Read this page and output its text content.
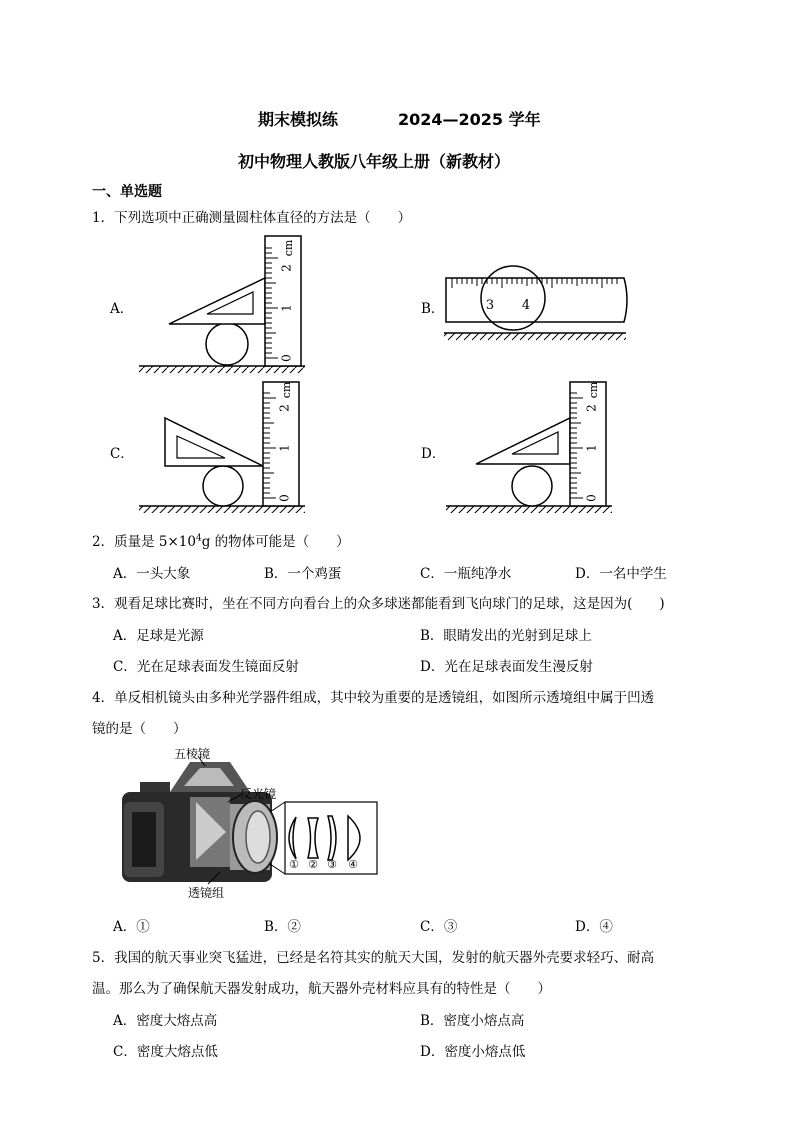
期末模拟练	2024—2025 学年
初中物理人教版八年级上册（新教材）
一、单选题
1．下列选项中正确测量圆柱体直径的方法是（　　）
A．	B．
C．	D．
0
1
2
cm
3 4
0
1
2
cm
0
1
2
cm
2．质量是 $5\times 10^4g$ 的物体可能是（　　）
A．一头大象	B．一个鸡蛋	C．一瓶纯净水	D．一名中学生
3．观看足球比赛时，坐在不同方向看台上的众多球迷都能看到飞向球门的足球，这是因为(　　)
A．足球是光源	B．眼睛发出的光射到足球上
C．光在足球表面发生镜面反射	D．光在足球表面发生漫反射
4．单反相机镜头由多种光学器件组成，其中较为重要的是透镜组，如图所示透境组中属于凹透
镜的是（　　）
① ② ③ ④
五棱镜
反光镜
透镜组
A．①	B．②	C．③	D．④
5．我国的航天事业突飞猛进，已经是名符其实的航天大国，发射的航天器外壳要求轻巧、耐高
温。那么为了确保航天器发射成功，航天器外壳材料应具有的特性是（　　）
A．密度大熔点高	B．密度小熔点高
C．密度大熔点低	D．密度小熔点低
